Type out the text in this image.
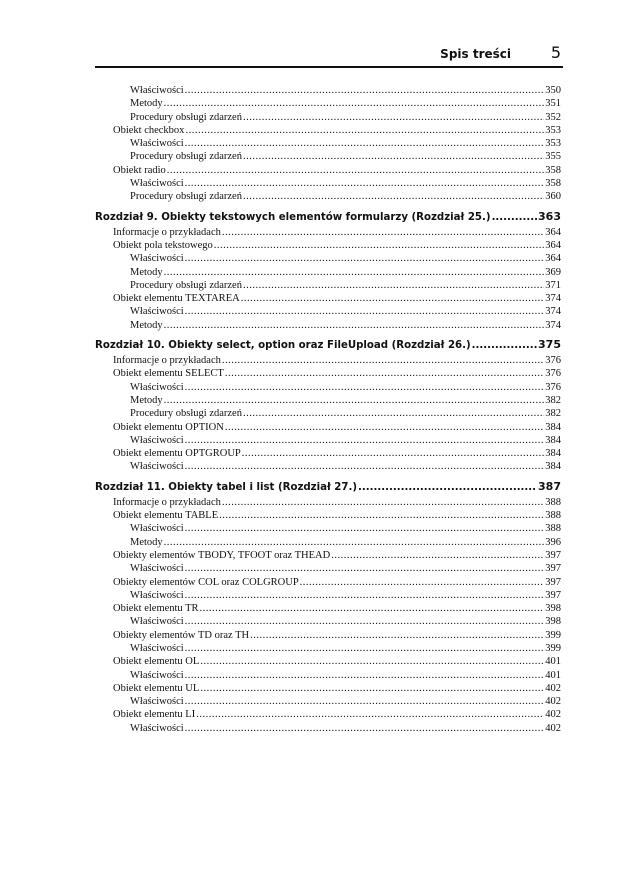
Spis treści 5
Właściwości .....	350
Metody .....	351
Procedury obsługi zdarzeń .....	352
Obiekt checkbox .....	353
Właściwości .....	353
Procedury obsługi zdarzeń .....	355
Obiekt radio .....	358
Właściwości .....	358
Procedury obsługi zdarzeń .....	360
Rozdział 9. Obiekty tekstowych elementów formularzy (Rozdział 25.) .....	363
Informacje o przykładach .....	364
Obiekt pola tekstowego .....	364
Właściwości .....	364
Metody .....	369
Procedury obsługi zdarzeń .....	371
Obiekt elementu TEXTAREA .....	374
Właściwości .....	374
Metody .....	374
Rozdział 10. Obiekty select, option oraz FileUpload (Rozdział 26.) .....	375
Informacje o przykładach .....	376
Obiekt elementu SELECT .....	376
Właściwości .....	376
Metody .....	382
Procedury obsługi zdarzeń .....	382
Obiekt elementu OPTION .....	384
Właściwości .....	384
Obiekt elementu OPTGROUP .....	384
Właściwości .....	384
Rozdział 11. Obiekty tabel i list (Rozdział 27.) .....	387
Informacje o przykładach .....	388
Obiekt elementu TABLE .....	388
Właściwości .....	388
Metody .....	396
Obiekty elementów TBODY, TFOOT oraz THEAD .....	397
Właściwości .....	397
Obiekty elementów COL oraz COLGROUP .....	397
Właściwości .....	397
Obiekt elementu TR .....	398
Właściwości .....	398
Obiekty elementów TD oraz TH .....	399
Właściwości .....	399
Obiekt elementu OL .....	401
Właściwości .....	401
Obiekt elementu UL .....	402
Właściwości .....	402
Obiekt elementu LI .....	402
Właściwości .....	402
